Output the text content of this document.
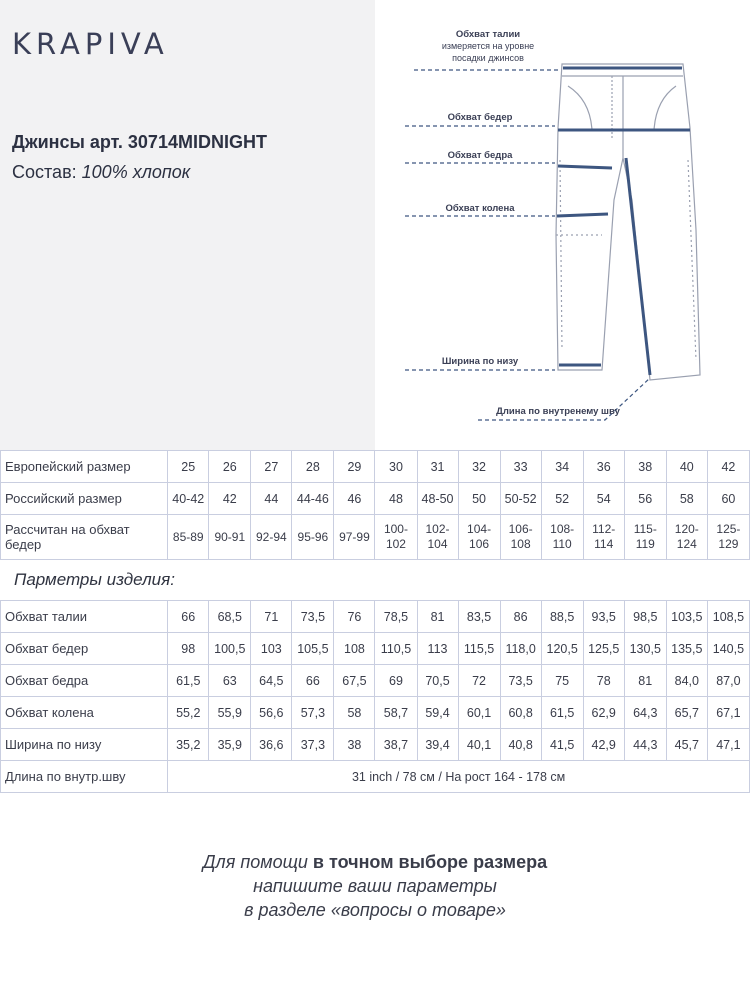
KRAPIVA
Джинсы арт. 30714MIDNIGHT
Состав: 100% хлопок
Обхват талии
измеряется на уровне
посадки джинсов
Обхват бедер
Обхват бедра
Обхват колена
Ширина по низу
Длина по внутренему шву
Европейский размер	25	26	27	28	29	30	31	32	33	34	36	38	40	42
Российский размер	40-42	42	44	44-46	46	48	48-50	50	50-52	52	54	56	58	60
Рассчитан на обхват бедер	85-89	90-91	92-94	95-96	97-99	100-102	102-104	104-106	106-108	108-110	112-114	115-119	120-124	125-129
Парметры изделия:
Обхват талии	66	68,5	71	73,5	76	78,5	81	83,5	86	88,5	93,5	98,5	103,5	108,5
Обхват бедер	98	100,5	103	105,5	108	110,5	113	115,5	118,0	120,5	125,5	130,5	135,5	140,5
Обхват бедра	61,5	63	64,5	66	67,5	69	70,5	72	73,5	75	78	81	84,0	87,0
Обхват колена	55,2	55,9	56,6	57,3	58	58,7	59,4	60,1	60,8	61,5	62,9	64,3	65,7	67,1
Ширина по низу	35,2	35,9	36,6	37,3	38	38,7	39,4	40,1	40,8	41,5	42,9	44,3	45,7	47,1
Длина по внутр.шву	31 inch / 78 см / На рост 164 - 178 см													
Для помощи в точном выборе размера
напишите ваши параметры
в разделе «вопросы о товаре»
